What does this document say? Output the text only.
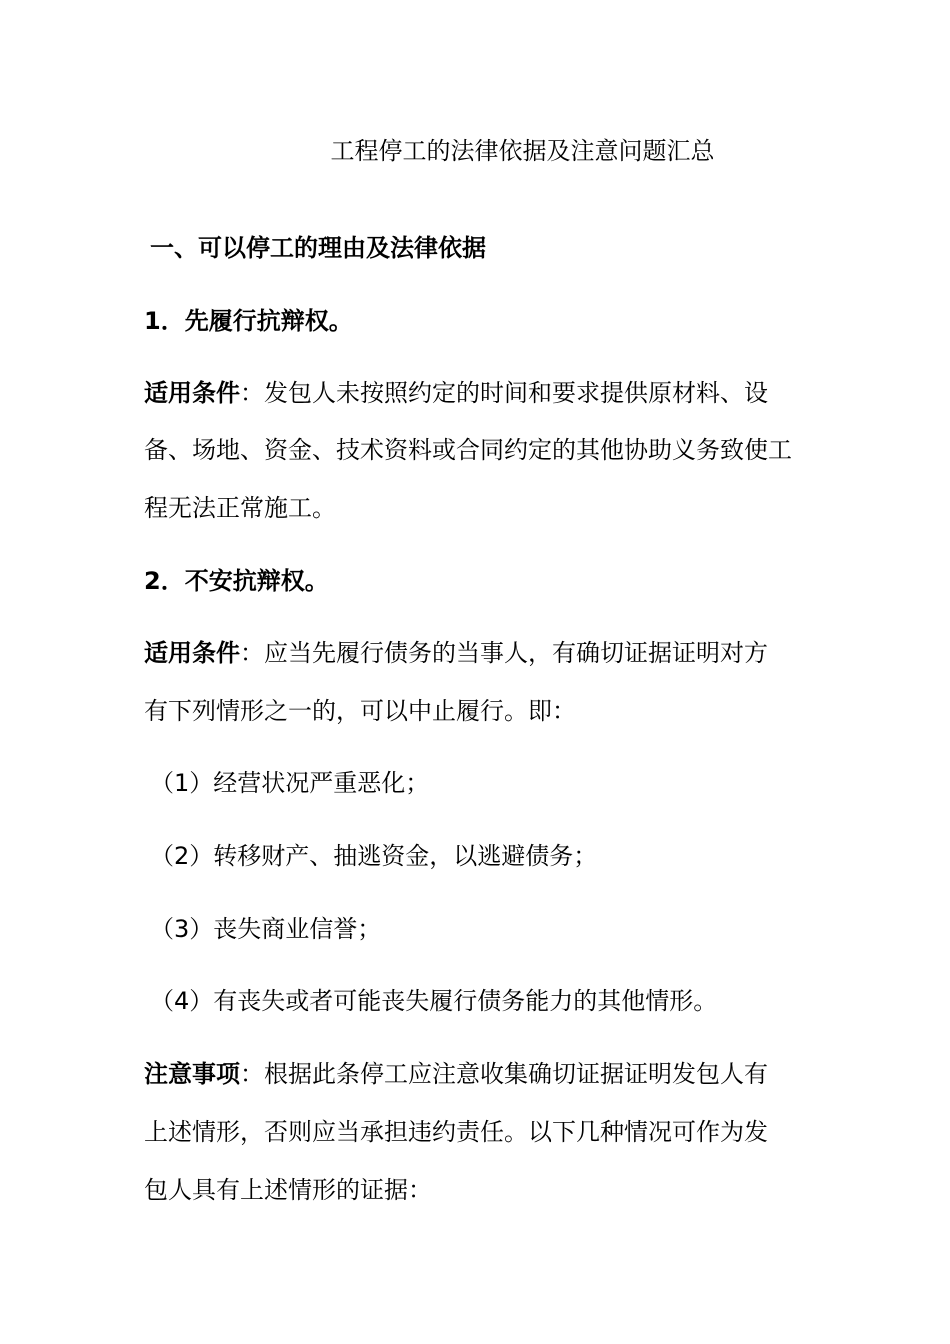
工程停工的法律依据及注意问题汇总
一、可以停工的理由及法律依据
1．先履行抗辩权。
适用条件：发包人未按照约定的时间和要求提供原材料、设
备、场地、资金、技术资料或合同约定的其他协助义务致使工
程无法正常施工。
2．不安抗辩权。
适用条件：应当先履行债务的当事人，有确切证据证明对方
有下列情形之一的，可以中止履行。即：
（1）经营状况严重恶化；
（2）转移财产、抽逃资金，以逃避债务；
（3）丧失商业信誉；
（4）有丧失或者可能丧失履行债务能力的其他情形。
注意事项：根据此条停工应注意收集确切证据证明发包人有
上述情形，否则应当承担违约责任。以下几种情况可作为发
包人具有上述情形的证据：
